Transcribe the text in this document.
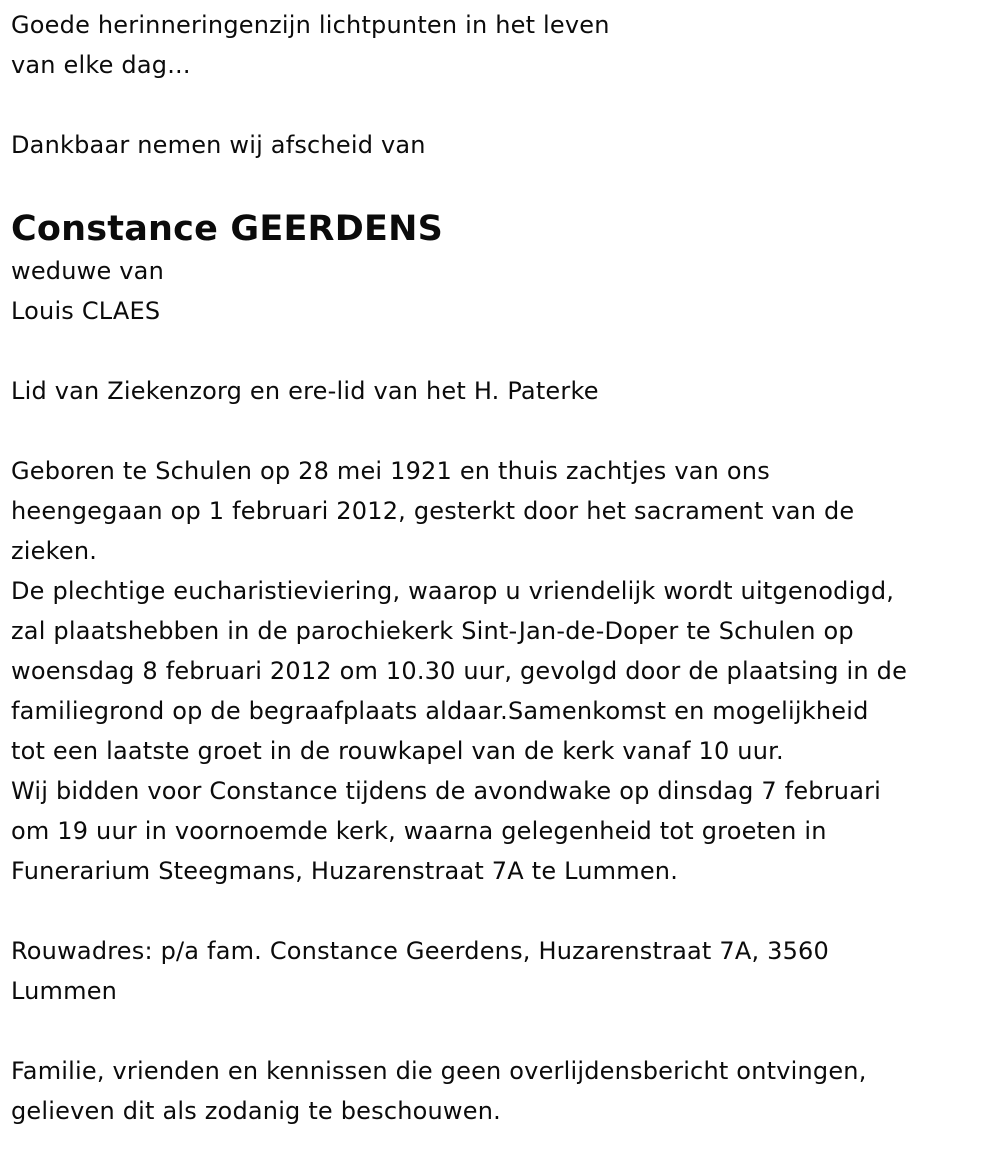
Goede herinneringenzijn lichtpunten in het leven
van elke dag...
Dankbaar nemen wij afscheid van
Constance GEERDENS
weduwe van
Louis CLAES
Lid van Ziekenzorg en ere-lid van het H. Paterke
Geboren te Schulen op 28 mei 1921 en thuis zachtjes van ons
heengegaan op 1 februari 2012, gesterkt door het sacrament van de
zieken.
De plechtige eucharistieviering, waarop u vriendelijk wordt uitgenodigd,
zal plaatshebben in de parochiekerk Sint-Jan-de-Doper te Schulen op
woensdag 8 februari 2012 om 10.30 uur, gevolgd door de plaatsing in de
familiegrond op de begraafplaats aldaar.Samenkomst en mogelijkheid
tot een laatste groet in de rouwkapel van de kerk vanaf 10 uur.
Wij bidden voor Constance tijdens de avondwake op dinsdag 7 februari
om 19 uur in voornoemde kerk, waarna gelegenheid tot groeten in
Funerarium Steegmans, Huzarenstraat 7A te Lummen.
Rouwadres: p/a fam. Constance Geerdens, Huzarenstraat 7A, 3560
Lummen
Familie, vrienden en kennissen die geen overlijdensbericht ontvingen,
gelieven dit als zodanig te beschouwen.
